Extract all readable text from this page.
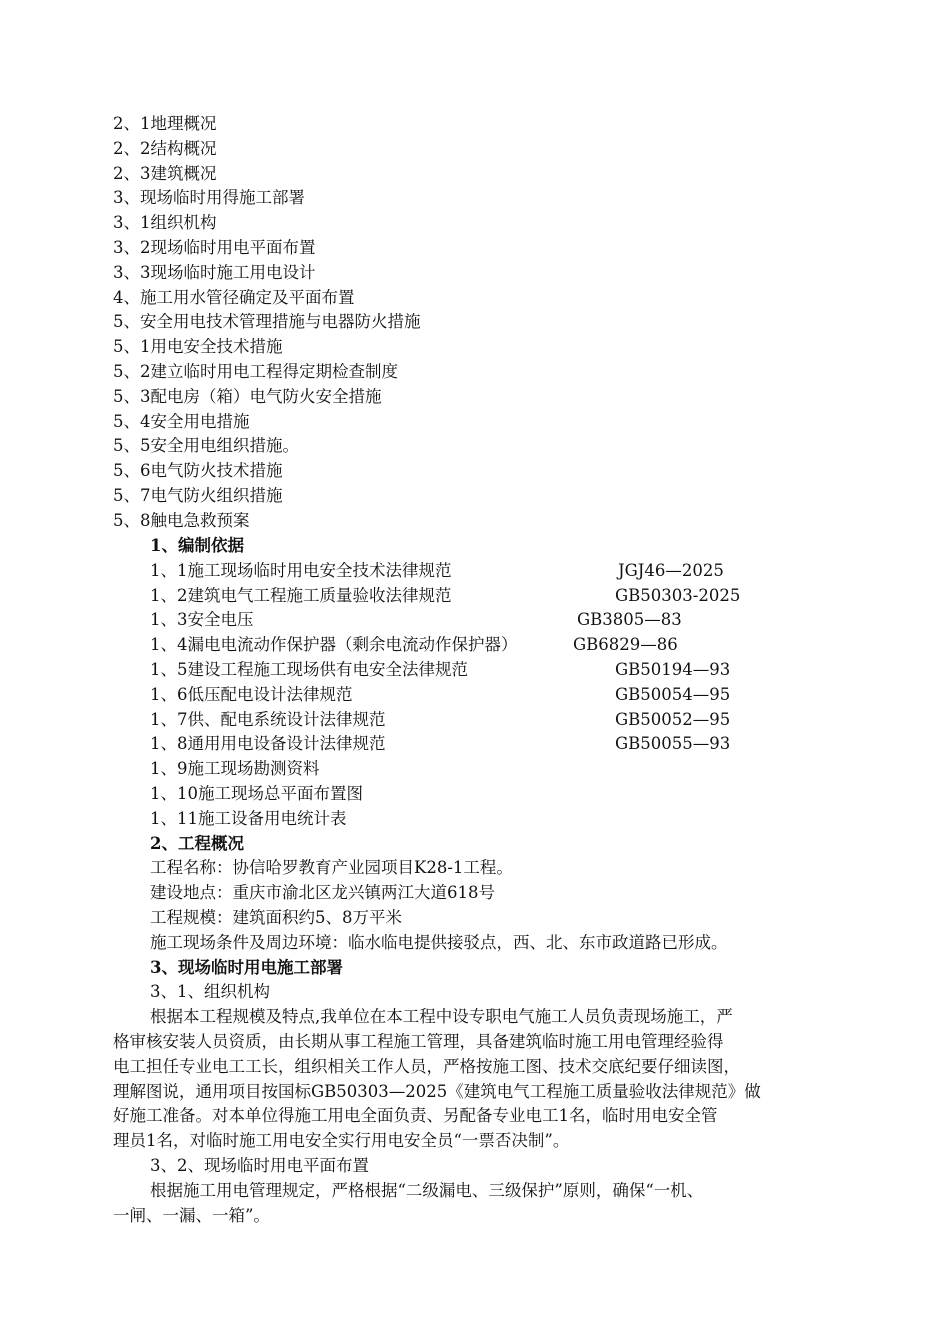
2、1地理概况
2、2结构概况
2、3建筑概况
3、现场临时用得施工部署
3、1组织机构
3、2现场临时用电平面布置
3、3现场临时施工用电设计
4、施工用水管径确定及平面布置
5、安全用电技术管理措施与电器防火措施
5、1用电安全技术措施
5、2建立临时用电工程得定期检查制度
5、3配电房（箱）电气防火安全措施
5、4安全用电措施
5、5安全用电组织措施。
5、6电气防火技术措施
5、7电气防火组织措施
5、8触电急救预案
1、编制依据
1、1施工现场临时用电安全技术法律规范	JGJ46—2025
1、2建筑电气工程施工质量验收法律规范	GB50303-2025
1、3安全电压	GB3805—83
1、4漏电电流动作保护器（剩余电流动作保护器）	GB6829—86
1、5建设工程施工现场供有电安全法律规范	GB50194—93
1、6低压配电设计法律规范	GB50054—95
1、7供、配电系统设计法律规范	GB50052—95
1、8通用用电设备设计法律规范	GB50055—93
1、9施工现场勘测资料
1、10施工现场总平面布置图
1、11施工设备用电统计表
2、工程概况
工程名称：协信哈罗教育产业园项目K28-1工程。
建设地点：重庆市渝北区龙兴镇两江大道618号
工程规模：建筑面积约5、8万平米
施工现场条件及周边环境：临水临电提供接驳点，西、北、东市政道路已形成。
3、现场临时用电施工部署
3、1、组织机构
根据本工程规模及特点,我单位在本工程中设专职电气施工人员负责现场施工，严
格审核安装人员资质，由长期从事工程施工管理，具备建筑临时施工用电管理经验得
电工担任专业电工工长，组织相关工作人员，严格按施工图、技术交底纪要仔细读图，
理解图说，通用项目按国标GB50303—2025《建筑电气工程施工质量验收法律规范》做
好施工准备。对本单位得施工用电全面负责、另配备专业电工1名，临时用电安全管
理员1名，对临时施工用电安全实行用电安全员“一票否决制”。
3、2、现场临时用电平面布置
根据施工用电管理规定，严格根据“二级漏电、三级保护”原则，确保“一机、
一闸、一漏、一箱”。
